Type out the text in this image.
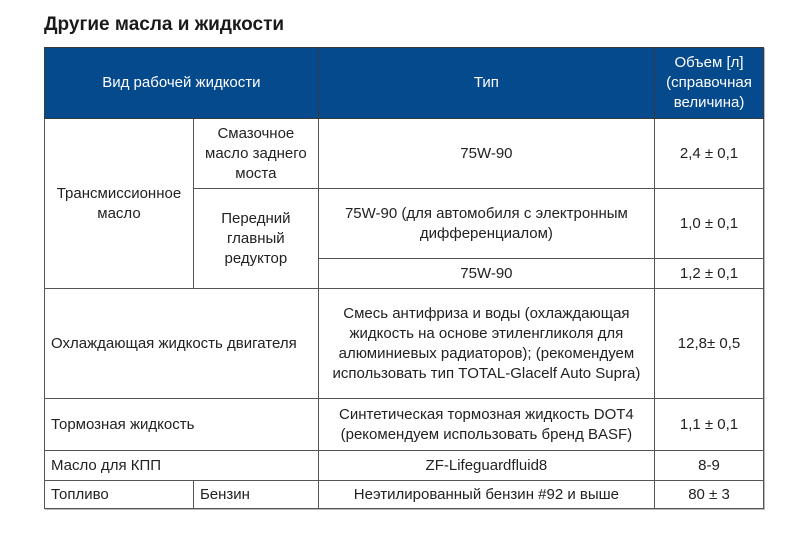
Другие масла и жидкости
Вид рабочей жидкости		Тип	Объем [л] (справочная величина)
Трансмиссионное масло	Смазочное масло заднего моста	75W-90	2,4 ± 0,1
	Передний главный редуктор	75W-90 (для автомобиля с электронным дифференциалом)	1,0 ± 0,1
		75W-90	1,2 ± 0,1
Охлаждающая жидкость двигателя		Смесь антифриза и воды (охлаждающая жидкость на основе этиленгликоля для алюминиевых радиаторов); (рекомендуем использовать тип TOTAL-Glacelf Auto Supra)	12,8± 0,5
Тормозная жидкость		Синтетическая тормозная жидкость DOT4 (рекомендуем использовать бренд BASF)	1,1 ± 0,1
Масло для КПП		ZF-Lifeguardfluid8	8-9
Топливо	Бензин	Неэтилированный бензин #92 и выше	80 ± 3
